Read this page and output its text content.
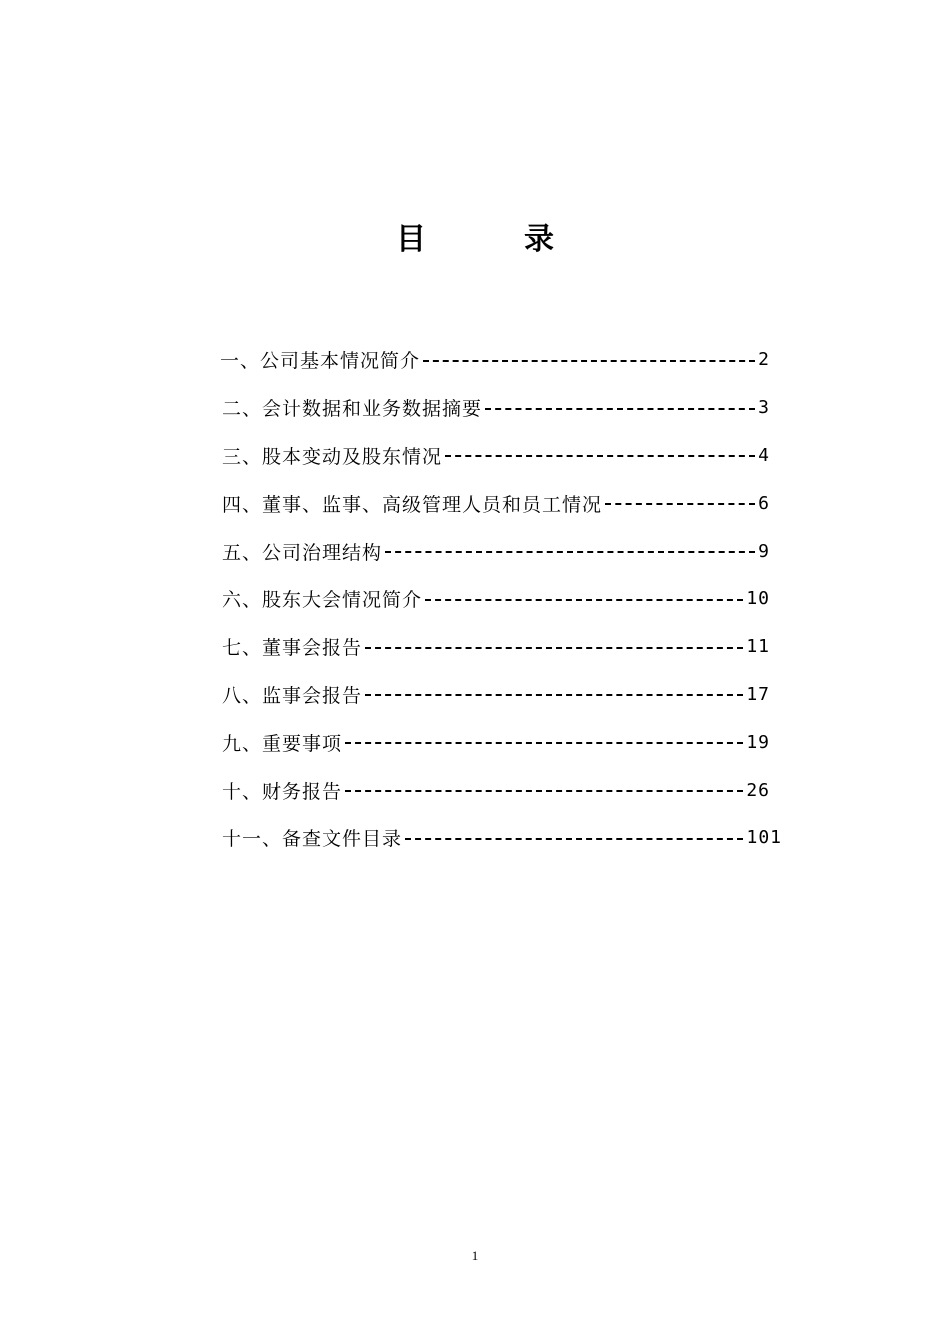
目　录
一、公司基本情况简介	2
二、会计数据和业务数据摘要	3
三、股本变动及股东情况	4
四、董事、监事、高级管理人员和员工情况	6
五、公司治理结构	9
六、股东大会情况简介	10
七、董事会报告	11
八、监事会报告	17
九、重要事项	19
十、财务报告	26
十一、备查文件目录	101
1
